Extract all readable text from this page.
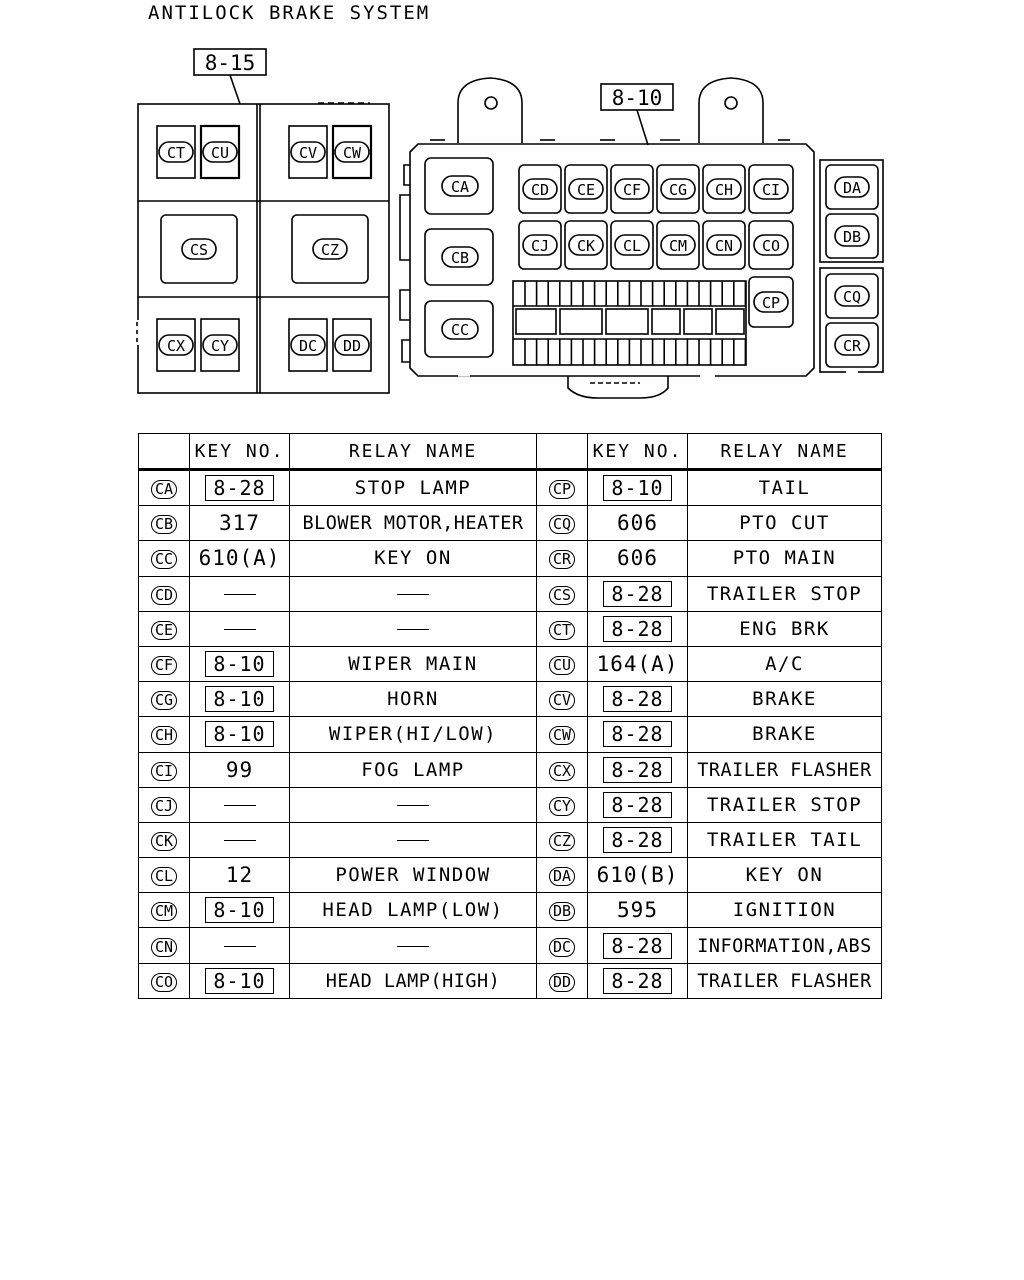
ANTILOCK BRAKE SYSTEM
8-15
CT CU	CV CW
CS	CZ
CX CY	DC DD
8-10
CA
CB
CC
CD CE CF CG CH CI
CJ CK CL CM CN CO
CP
DA
DB
CQ
CR
	KEY NO.	RELAY NAME		KEY NO.	RELAY NAME
CA	8-28	STOP LAMP	CP	8-10	TAIL
CB	317	BLOWER MOTOR,HEATER	CQ	606	PTO CUT
CC	610(A)	KEY ON	CR	606	PTO MAIN
CD			CS	8-28	TRAILER STOP
CE			CT	8-28	ENG BRK
CF	8-10	WIPER MAIN	CU	164(A)	A/C
CG	8-10	HORN	CV	8-28	BRAKE
CH	8-10	WIPER(HI/LOW)	CW	8-28	BRAKE
CI	99	FOG LAMP	CX	8-28	TRAILER FLASHER
CJ			CY	8-28	TRAILER STOP
CK			CZ	8-28	TRAILER TAIL
CL	12	POWER WINDOW	DA	610(B)	KEY ON
CM	8-10	HEAD LAMP(LOW)	DB	595	IGNITION
CN			DC	8-28	INFORMATION,ABS
CO	8-10	HEAD LAMP(HIGH)	DD	8-28	TRAILER FLASHER
